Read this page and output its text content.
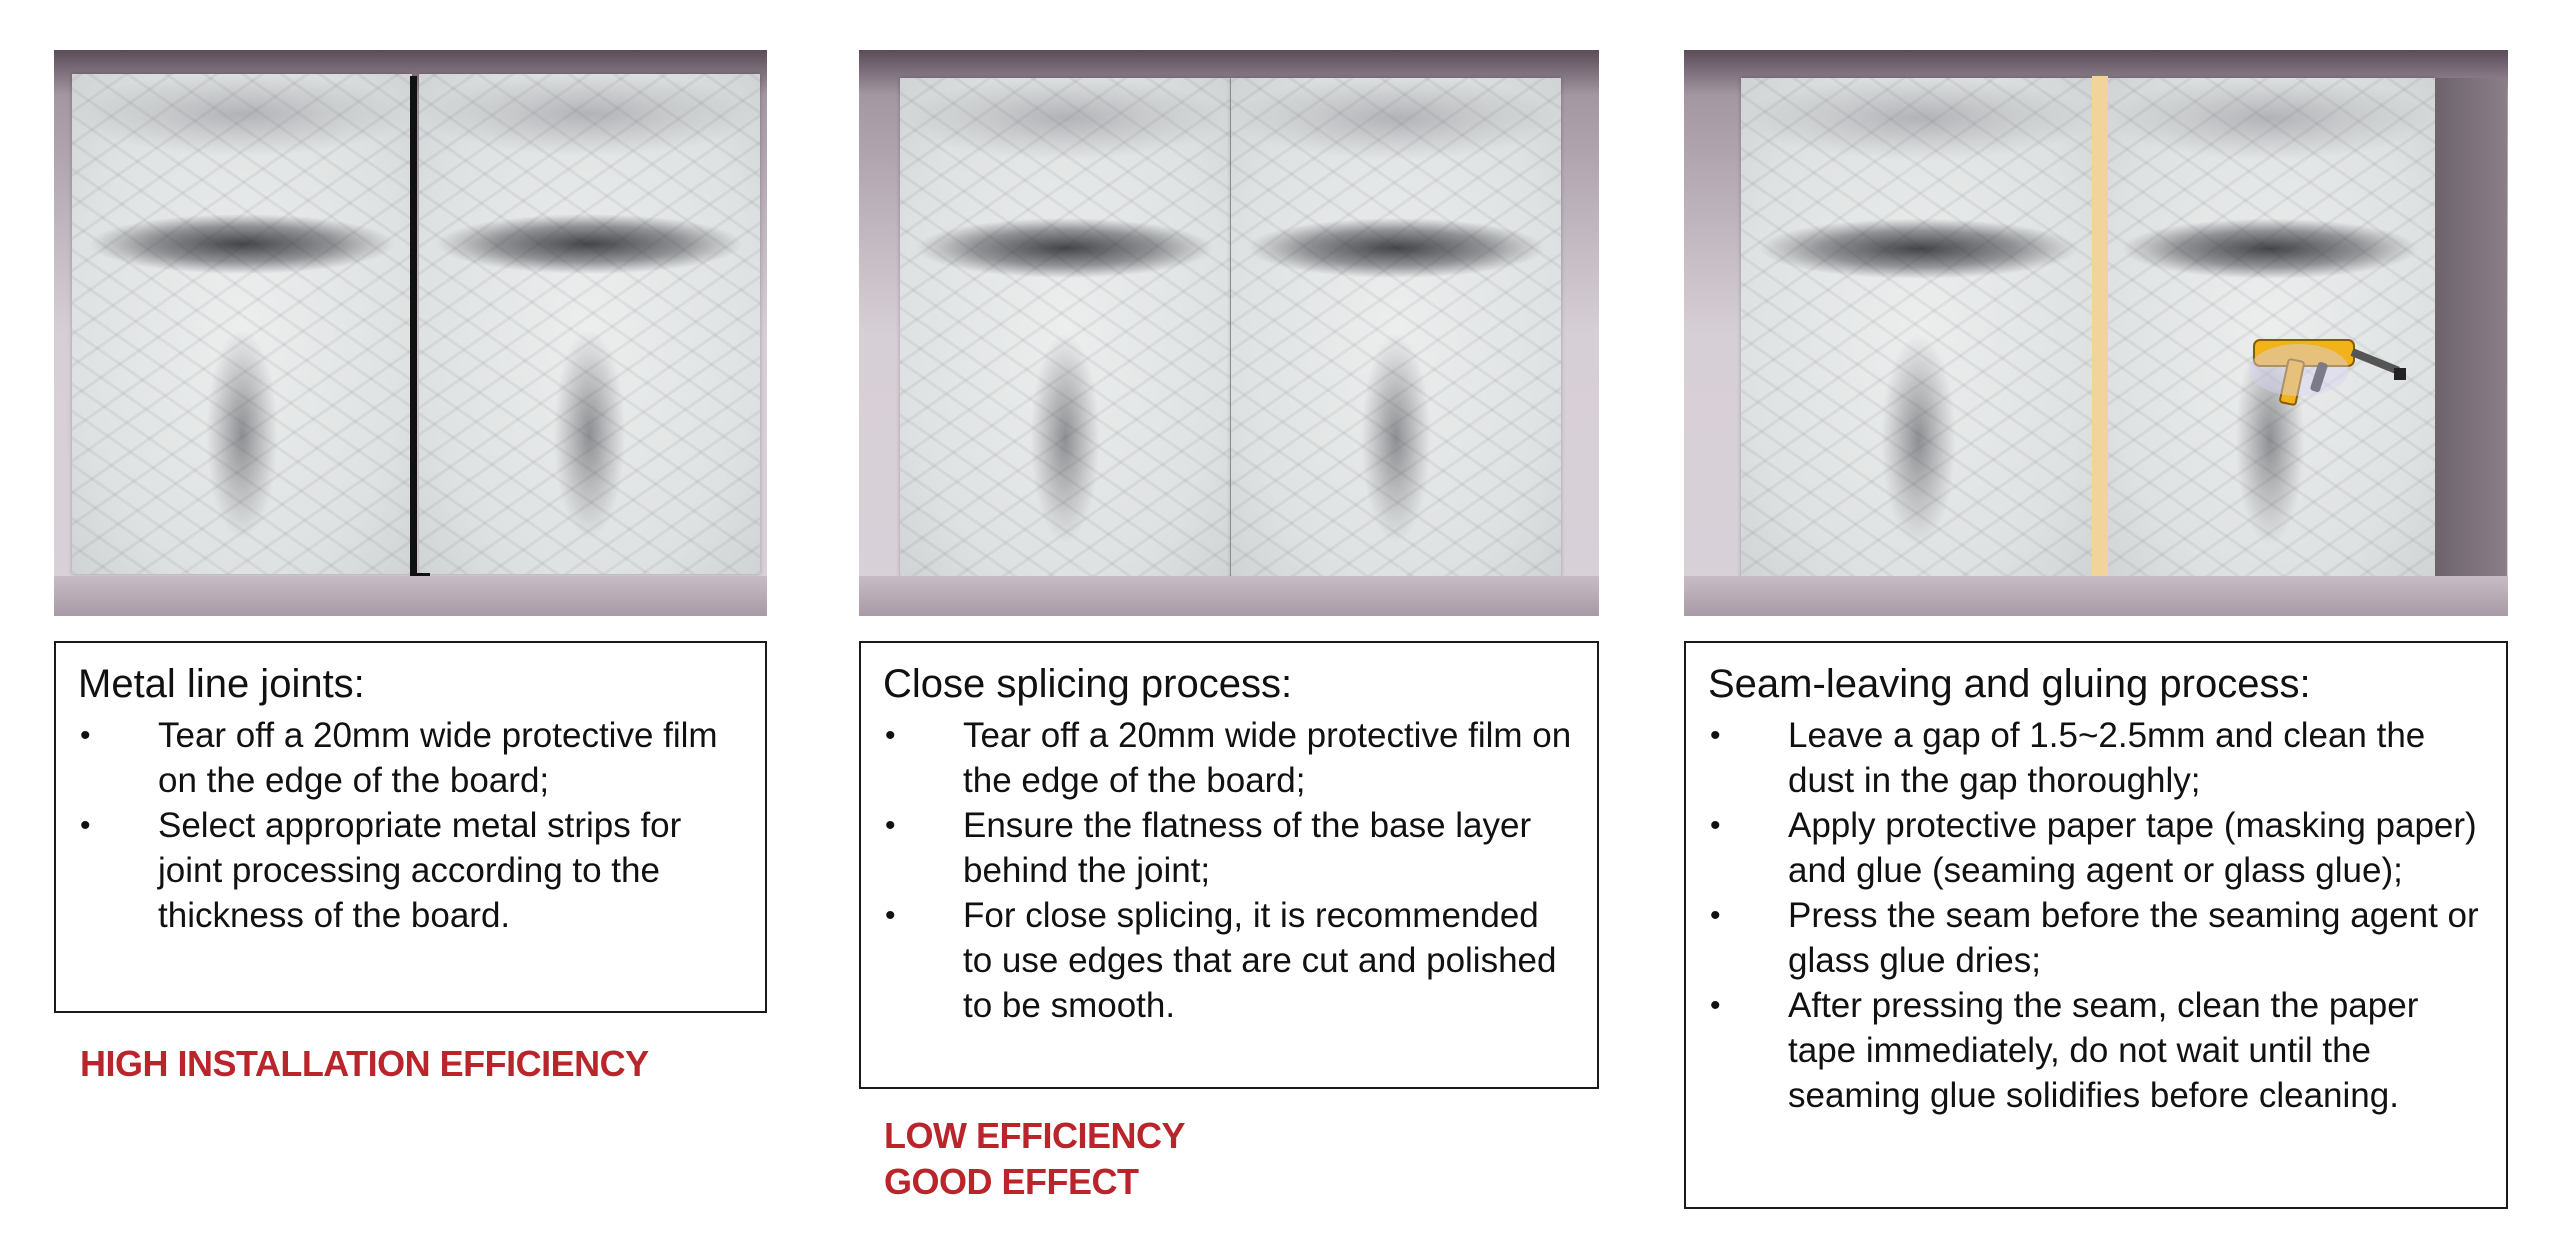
Metal line joints:
• Tear off a 20mm wide protective film on the edge of the board;
• Select appropriate metal strips for joint processing according to the thickness of the board.
HIGH INSTALLATION EFFICIENCY
Close splicing process:
• Tear off a 20mm wide protective film on the edge of the board;
• Ensure the flatness of the base layer behind the joint;
• For close splicing, it is recommended to use edges that are cut and polished to be smooth.
LOW EFFICIENCY
GOOD EFFECT
Seam-leaving and gluing process:
• Leave a gap of 1.5~2.5mm and clean the dust in the gap thoroughly;
• Apply protective paper tape (masking paper) and glue (seaming agent or glass glue);
• Press the seam before the seaming agent or glass glue dries;
• After pressing the seam, clean the paper tape immediately, do not wait until the seaming glue solidifies before cleaning.
